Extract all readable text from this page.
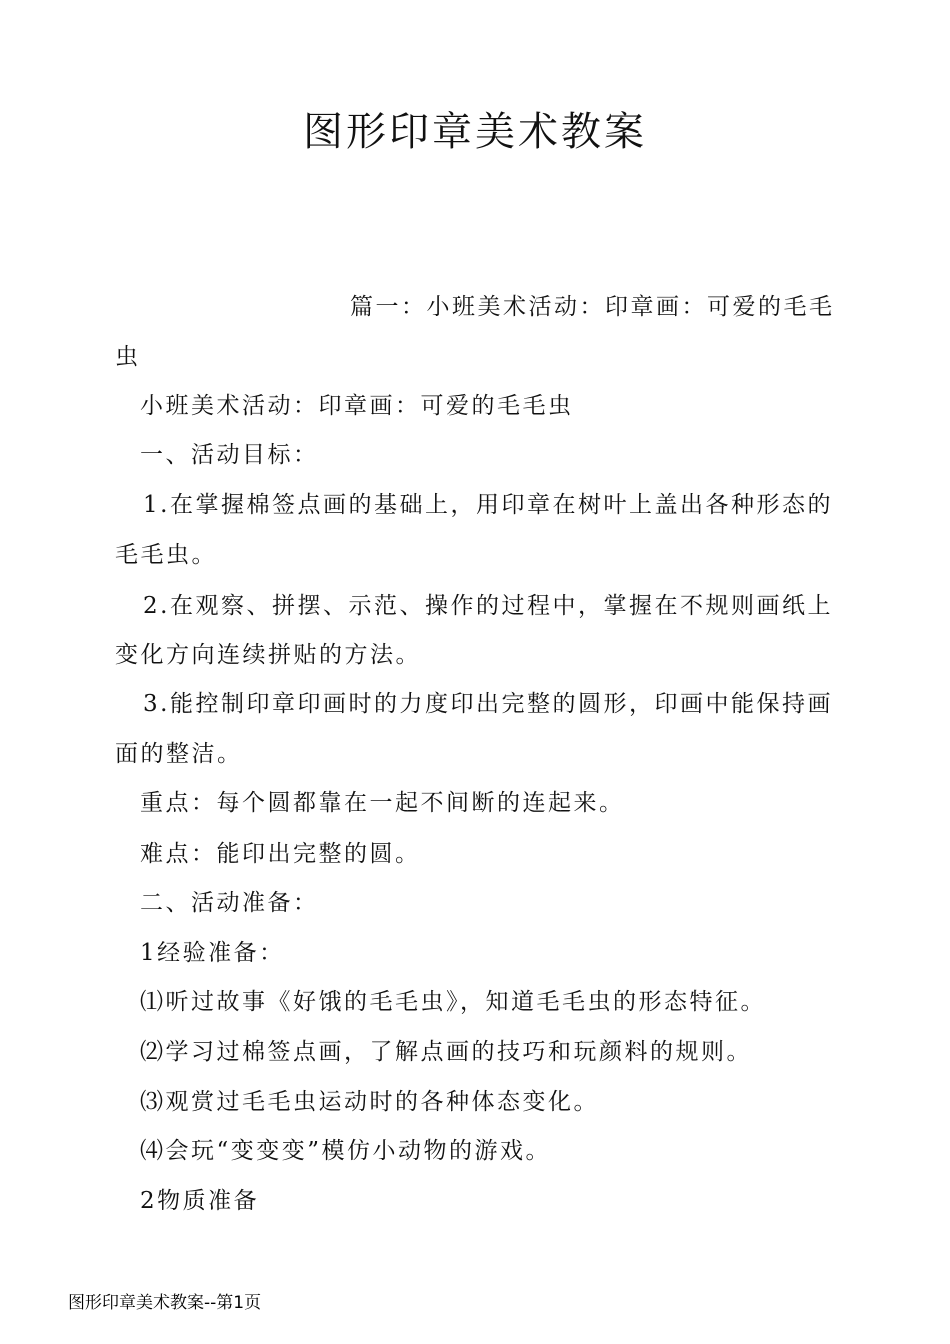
图形印章美术教案
篇一：小班美术活动：印章画：可爱的毛毛
虫
小班美术活动：印章画：可爱的毛毛虫
一、活动目标：
1.在掌握棉签点画的基础上，用印章在树叶上盖出各种形态的
毛毛虫。
2.在观察、拼摆、示范、操作的过程中，掌握在不规则画纸上
变化方向连续拼贴的方法。
3.能控制印章印画时的力度印出完整的圆形，印画中能保持画
面的整洁。
重点：每个圆都靠在一起不间断的连起来。
难点：能印出完整的圆。
二、活动准备：
1经验准备：
⑴听过故事《好饿的毛毛虫》，知道毛毛虫的形态特征。
⑵学习过棉签点画，了解点画的技巧和玩颜料的规则。
⑶观赏过毛毛虫运动时的各种体态变化。
⑷会玩“变变变”模仿小动物的游戏。
2物质准备
图形印章美术教案--第1页
